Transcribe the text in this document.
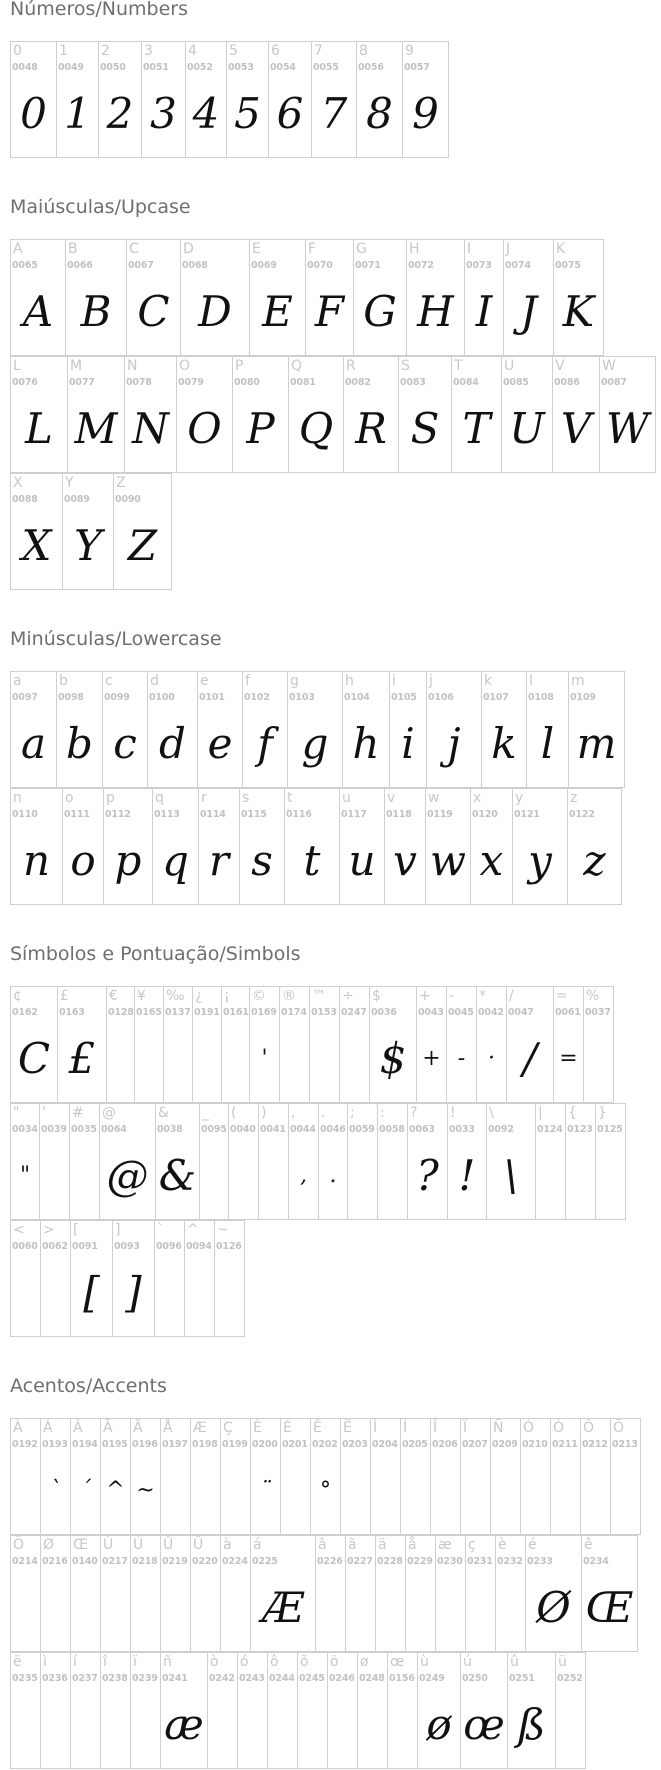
Números/Numbers
Maiúsculas/Upcase
Minúsculas/Lowercase
Símbolos e Pontuação/Simbols
Acentos/Accents
0
0048
0
1
0049
1
2
0050
2
3
0051
3
4
0052
4
5
0053
5
6
0054
6
7
0055
7
8
0056
8
9
0057
9
A
0065
A
B
0066
B
C
0067
C
D
0068
D
E
0069
E
F
0070
F
G
0071
G
H
0072
H
I
0073
I
J
0074
J
K
0075
K
L
0076
L
M
0077
M
N
0078
N
O
0079
O
P
0080
P
Q
0081
Q
R
0082
R
S
0083
S
T
0084
T
U
0085
U
V
0086
V
W
0087
W
X
0088
X
Y
0089
Y
Z
0090
Z
a
0097
a
b
0098
b
c
0099
c
d
0100
d
e
0101
e
f
0102
f
g
0103
g
h
0104
h
i
0105
i
j
0106
j
k
0107
k
l
0108
l
m
0109
m
n
0110
n
o
0111
o
p
0112
p
q
0113
q
r
0114
r
s
0115
s
t
0116
t
u
0117
u
v
0118
v
w
0119
w
x
0120
x
y
0121
y
z
0122
z
¢
0162
C
£
0163
£
€
0128
¥
0165
‰
0137
¿
0191
¡
0161
©
0169
'
®
0174
™
0153
÷
0247
$
0036
$
+
0043
+
-
0045
-
*
0042
·
/
0047
/
=
0061
=
%
0037
"
0034
"
'
0039
#
0035
@
0064
@
&
0038
&
_
0095
(
0040
)
0041
,
0044
,
.
0046
.
;
0059
:
0058
?
0063
?
!
0033
!
\
0092
\
|
0124
{
0123
}
0125
<
0060
>
0062
[
0091
[
]
0093
]
`
0096
^
0094
~
0126
À
0192
Á
0193
`
Â
0194
´
Ã
0195
^
Ä
0196
~
Å
0197
Æ
0198
Ç
0199
È
0200
¨
É
0201
Ê
0202
°
Ë
0203
Ì
0204
Í
0205
Î
0206
Ï
0207
Ñ
0209
Ò
0210
Ó
0211
Ô
0212
Õ
0213
Ö
0214
Ø
0216
Œ
0140
Ù
0217
Ú
0218
Û
0219
Ü
0220
à
0224
á
0225
Æ
â
0226
ã
0227
ä
0228
å
0229
æ
0230
ç
0231
è
0232
é
0233
Ø
ê
0234
Œ
ë
0235
ì
0236
í
0237
î
0238
ï
0239
ñ
0241
æ
ò
0242
ó
0243
ô
0244
õ
0245
ö
0246
ø
0248
œ
0156
ù
0249
ø
ú
0250
œ
û
0251
ß
ü
0252
